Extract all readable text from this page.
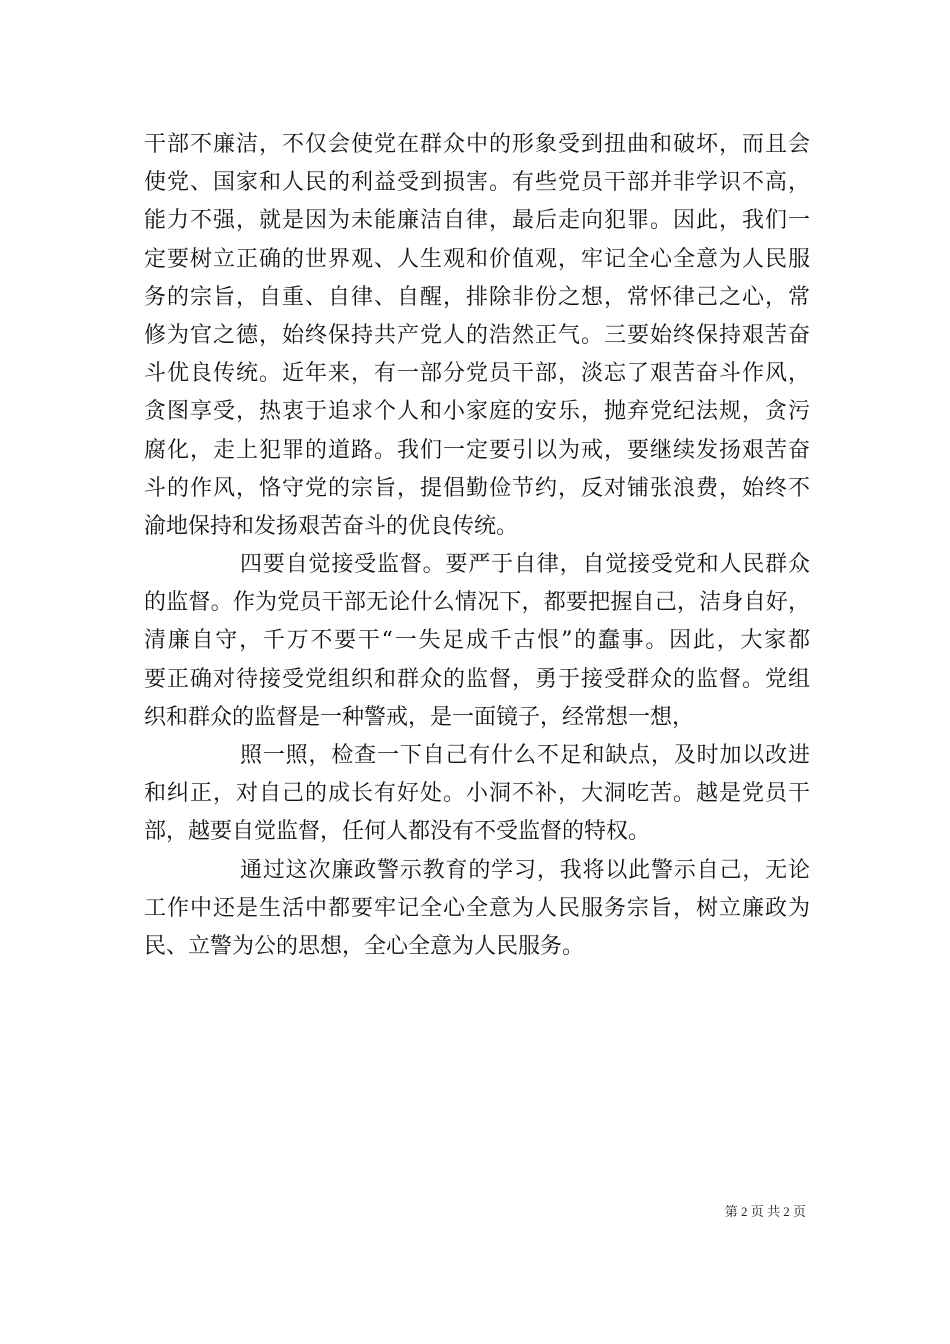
干部不廉洁，不仅会使党在群众中的形象受到扭曲和破坏，而且会
使党、国家和人民的利益受到损害。有些党员干部并非学识不高，
能力不强，就是因为未能廉洁自律，最后走向犯罪。因此，我们一
定要树立正确的世界观、人生观和价值观，牢记全心全意为人民服
务的宗旨，自重、自律、自醒，排除非份之想，常怀律己之心，常
修为官之德，始终保持共产党人的浩然正气。三要始终保持艰苦奋
斗优良传统。近年来，有一部分党员干部，淡忘了艰苦奋斗作风，
贪图享受，热衷于追求个人和小家庭的安乐，抛弃党纪法规，贪污
腐化，走上犯罪的道路。我们一定要引以为戒，要继续发扬艰苦奋
斗的作风，恪守党的宗旨，提倡勤俭节约，反对铺张浪费，始终不
渝地保持和发扬艰苦奋斗的优良传统。
四要自觉接受监督。要严于自律，自觉接受党和人民群众
的监督。作为党员干部无论什么情况下，都要把握自己，洁身自好，
清廉自守，千万不要干“一失足成千古恨”的蠢事。因此，大家都
要正确对待接受党组织和群众的监督，勇于接受群众的监督。党组
织和群众的监督是一种警戒，是一面镜子，经常想一想，
照一照，检查一下自己有什么不足和缺点，及时加以改进
和纠正，对自己的成长有好处。小洞不补，大洞吃苦。越是党员干
部，越要自觉监督，任何人都没有不受监督的特权。
通过这次廉政警示教育的学习，我将以此警示自己，无论
工作中还是生活中都要牢记全心全意为人民服务宗旨，树立廉政为
民、立警为公的思想，全心全意为人民服务。
第 2 页 共 2 页
